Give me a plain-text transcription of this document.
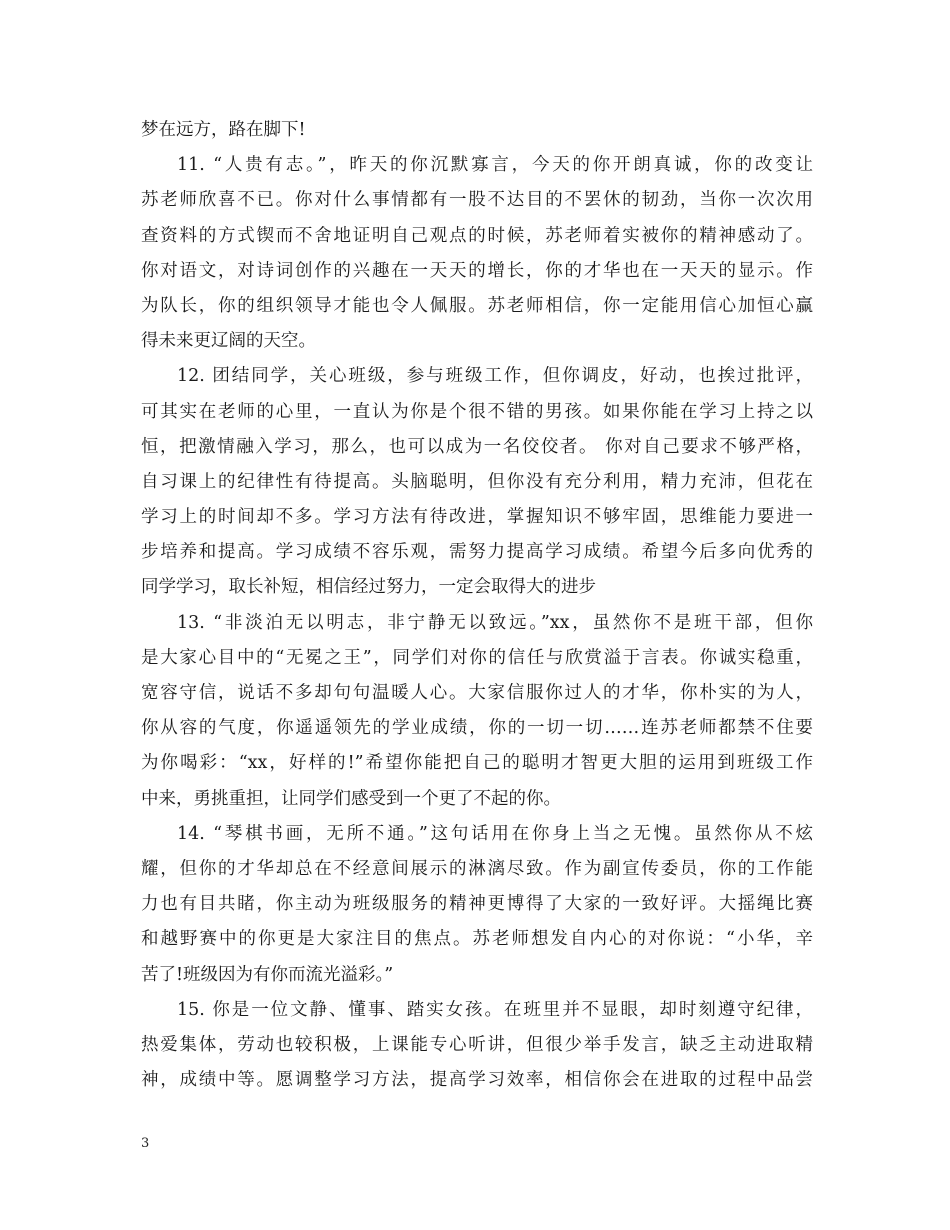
梦在远方，路在脚下!
11. “人贵有志。”，昨天的你沉默寡言，今天的你开朗真诚，你的改变让
苏老师欣喜不已。你对什么事情都有一股不达目的不罢休的韧劲，当你一次次用
查资料的方式锲而不舍地证明自己观点的时候，苏老师着实被你的精神感动了。
你对语文，对诗词创作的兴趣在一天天的增长，你的才华也在一天天的显示。作
为队长，你的组织领导才能也令人佩服。苏老师相信，你一定能用信心加恒心赢
得未来更辽阔的天空。
12. 团结同学，关心班级，参与班级工作，但你调皮，好动，也挨过批评，
可其实在老师的心里，一直认为你是个很不错的男孩。如果你能在学习上持之以
恒，把激情融入学习，那么，也可以成为一名佼佼者。 你对自己要求不够严格，
自习课上的纪律性有待提高。头脑聪明，但你没有充分利用，精力充沛，但花在
学习上的时间却不多。学习方法有待改进，掌握知识不够牢固，思维能力要进一
步培养和提高。学习成绩不容乐观，需努力提高学习成绩。希望今后多向优秀的
同学学习，取长补短，相信经过努力，一定会取得大的进步
13. “非淡泊无以明志，非宁静无以致远。”xx，虽然你不是班干部，但你
是大家心目中的“无冕之王”，同学们对你的信任与欣赏溢于言表。你诚实稳重，
宽容守信，说话不多却句句温暖人心。大家信服你过人的才华，你朴实的为人，
你从容的气度，你遥遥领先的学业成绩，你的一切一切……连苏老师都禁不住要
为你喝彩：“xx，好样的!”希望你能把自己的聪明才智更大胆的运用到班级工作
中来，勇挑重担，让同学们感受到一个更了不起的你。
14. “琴棋书画，无所不通。”这句话用在你身上当之无愧。虽然你从不炫
耀，但你的才华却总在不经意间展示的淋漓尽致。作为副宣传委员，你的工作能
力也有目共睹，你主动为班级服务的精神更博得了大家的一致好评。大摇绳比赛
和越野赛中的你更是大家注目的焦点。苏老师想发自内心的对你说：“小华，辛
苦了!班级因为有你而流光溢彩。”
15. 你是一位文静、懂事、踏实女孩。在班里并不显眼，却时刻遵守纪律，
热爱集体，劳动也较积极，上课能专心听讲，但很少举手发言，缺乏主动进取精
神，成绩中等。愿调整学习方法，提高学习效率，相信你会在进取的过程中品尝
3
